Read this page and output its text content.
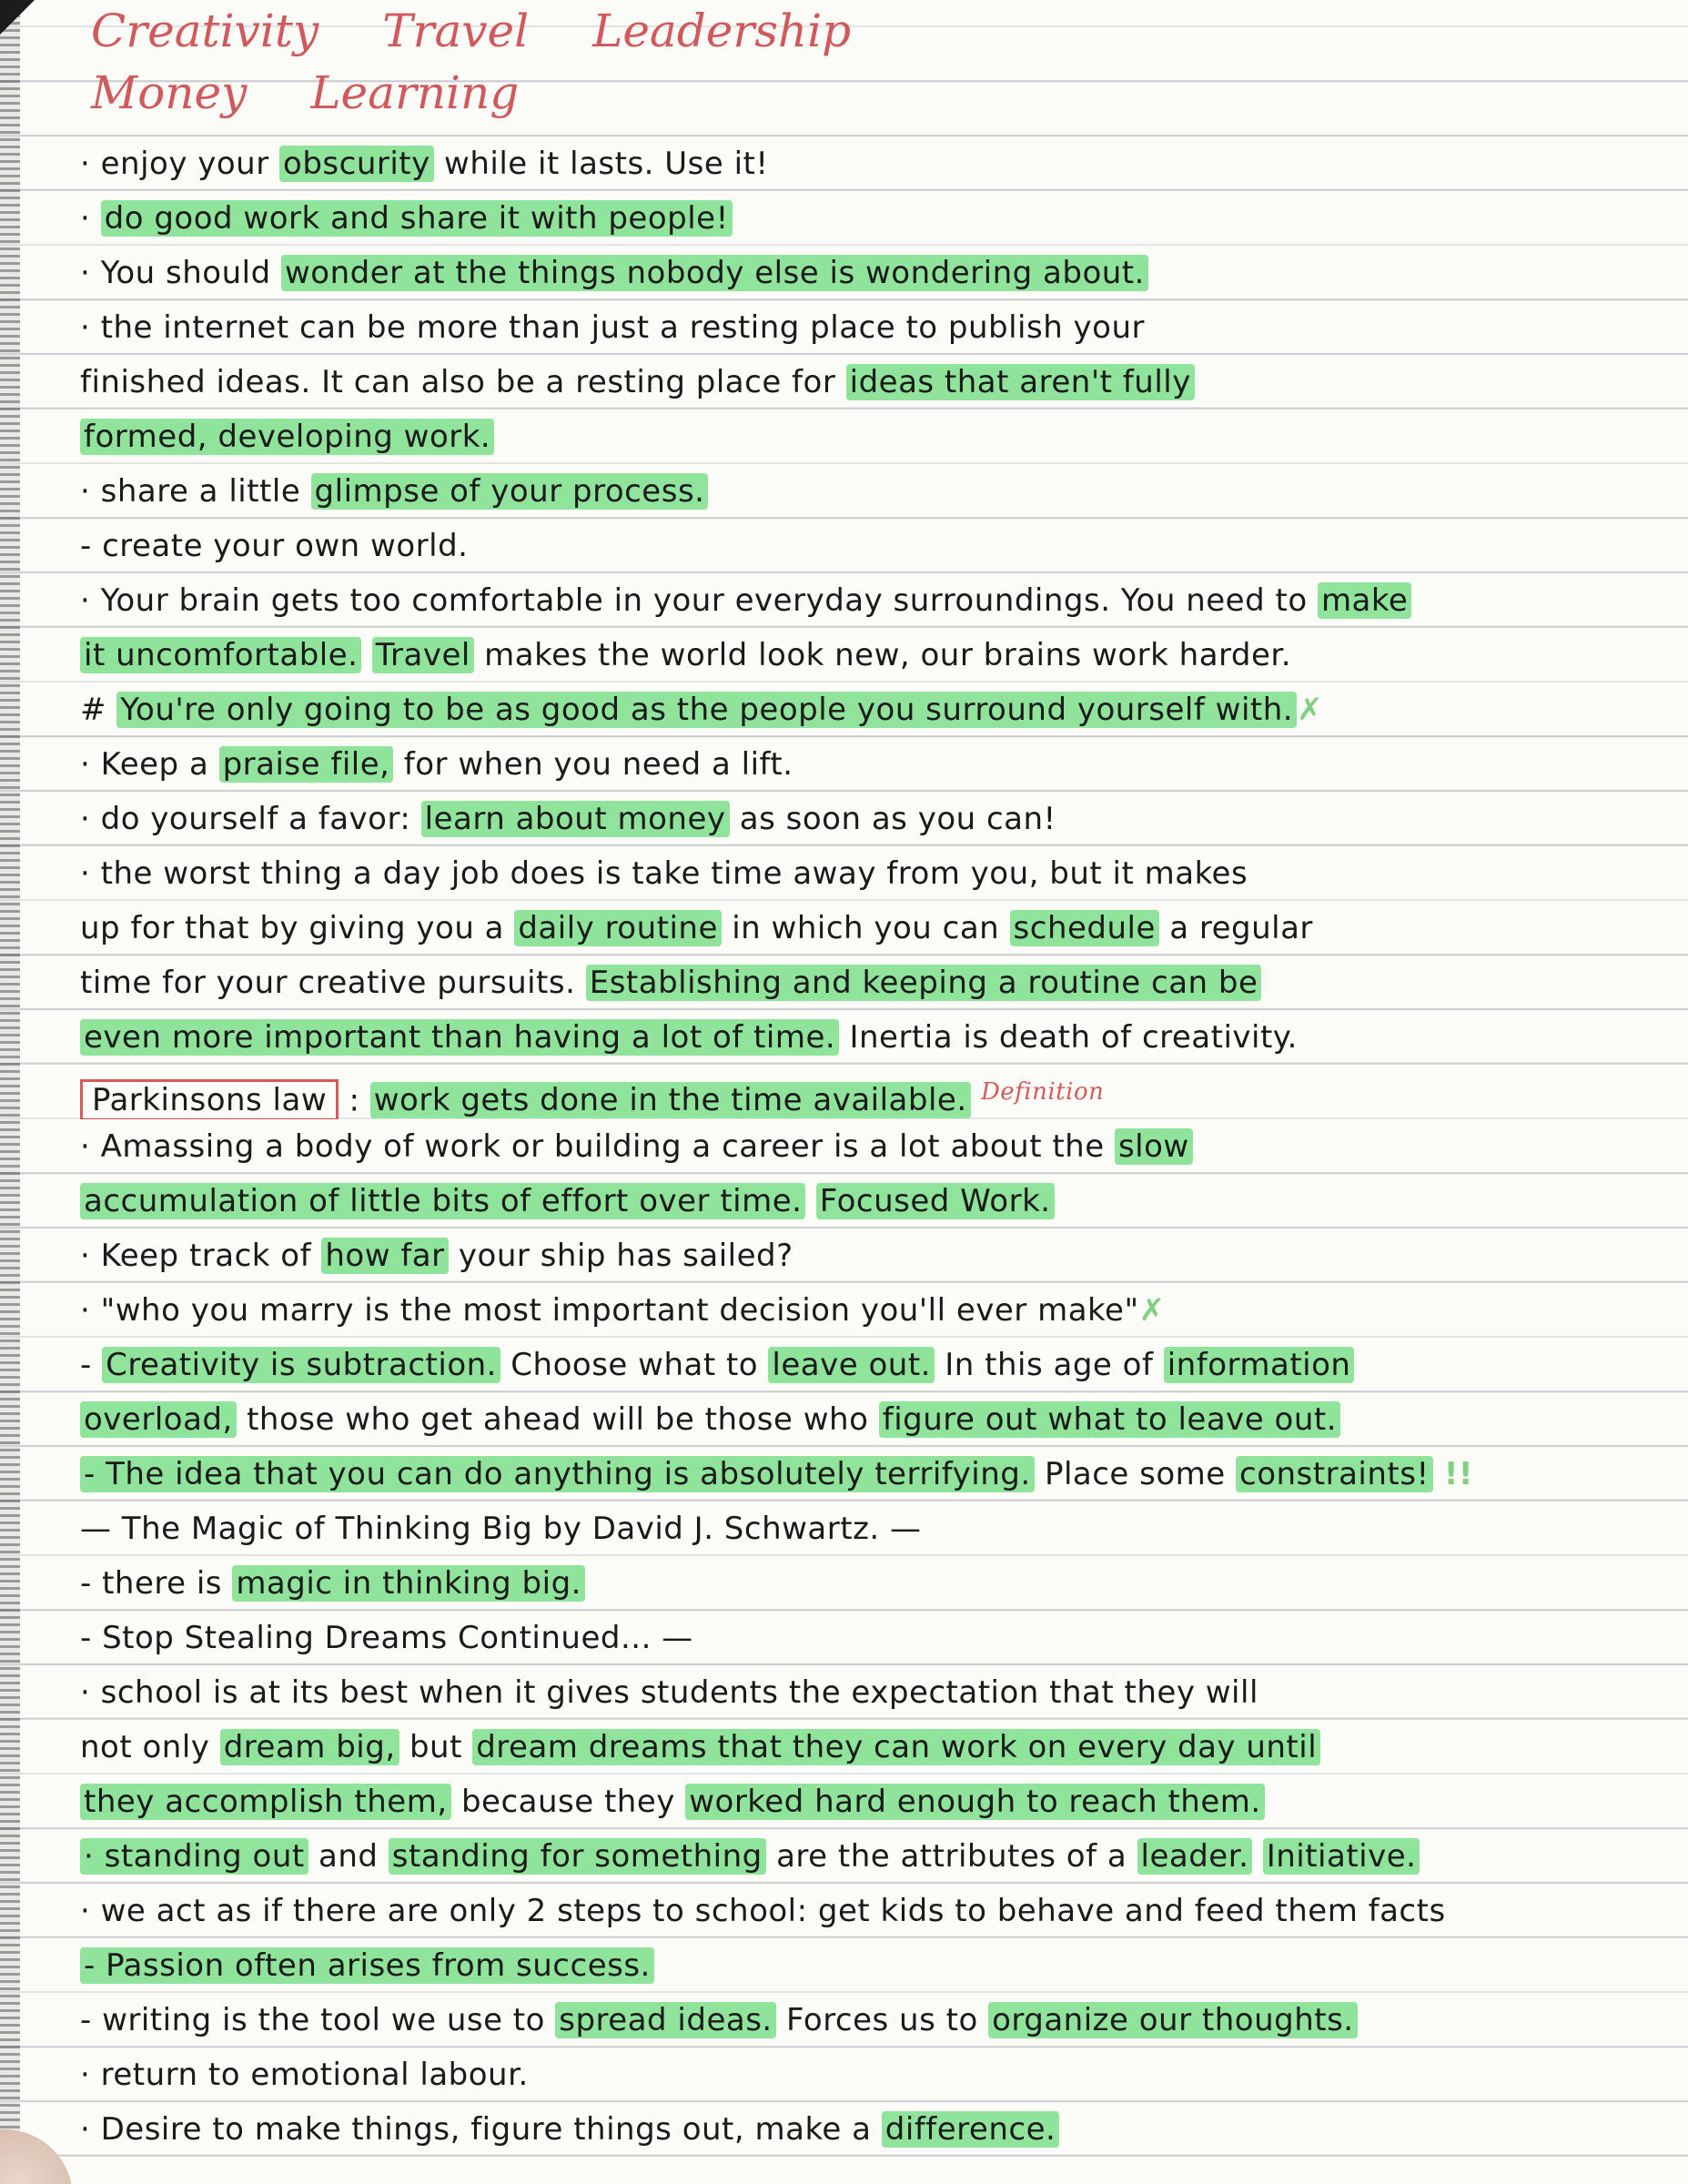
Creativity Travel Leadership
Money Learning
· enjoy your obscurity while it lasts. Use it!
· do good work and share it with people!
· You should wonder at the things nobody else is wondering about.
· the internet can be more than just a resting place to publish your
finished ideas. It can also be a resting place for ideas that aren't fully
formed, developing work.
· share a little glimpse of your process.
- create your own world.
· Your brain gets too comfortable in your everyday surroundings. You need to make
it uncomfortable. Travel makes the world look new, our brains work harder.
# You're only going to be as good as the people you surround yourself with. ✗
· Keep a praise file, for when you need a lift.
· do yourself a favor: learn about money as soon as you can!
· the worst thing a day job does is take time away from you, but it makes
up for that by giving you a daily routine in which you can schedule a regular
time for your creative pursuits. Establishing and keeping a routine can be
even more important than having a lot of time. Inertia is death of creativity.
Parkinsons law : work gets done in the time available. $^{Definition}$
· Amassing a body of work or building a career is a lot about the slow
accumulation of little bits of effort over time. Focused Work.
· Keep track of how far your ship has sailed?
· "who you marry is the most important decision you'll ever make"✗
- Creativity is subtraction. Choose what to leave out. In this age of information
overload, those who get ahead will be those who figure out what to leave out.
- The idea that you can do anything is absolutely terrifying. Place some constraints! !!
— The Magic of Thinking Big by David J. Schwartz. —
- there is magic in thinking big.
- Stop Stealing Dreams Continued... —
· school is at its best when it gives students the expectation that they will
not only dream big, but dream dreams that they can work on every day until
they accomplish them, because they worked hard enough to reach them.
· standing out and standing for something are the attributes of a leader. Initiative.
· we act as if there are only 2 steps to school: get kids to behave and feed them facts
- Passion often arises from success.
- writing is the tool we use to spread ideas. Forces us to organize our thoughts.
· return to emotional labour.
· Desire to make things, figure things out, make a difference.
